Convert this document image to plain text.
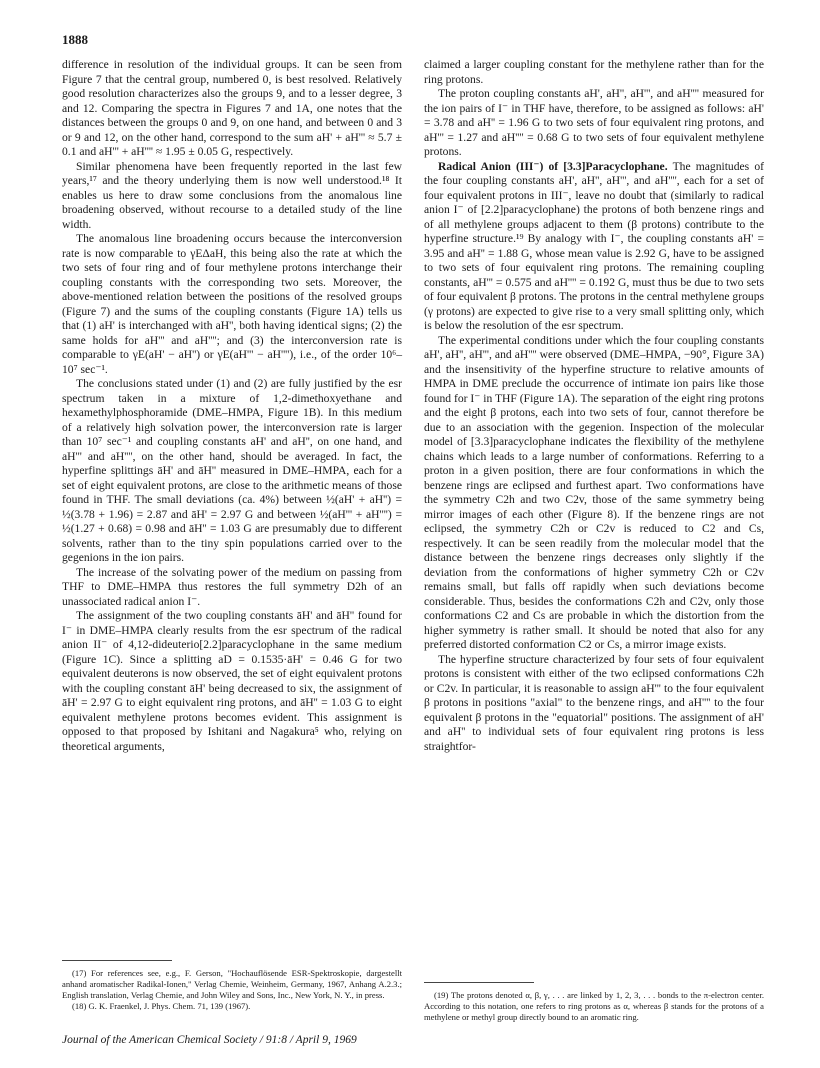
1888

difference in resolution of the individual groups. It can be seen from Figure 7 that the central group, numbered 0, is best resolved. Relatively good resolution characterizes also the groups 9, and to a lesser degree, 3 and 12. Comparing the spectra in Figures 7 and 1A, one notes that the distances between the groups 0 and 9, on one hand, and between 0 and 3 or 9 and 12, on the other hand, correspond to the sum aH' + aH''' ≈ 5.7 ± 0.1 and aH''' + aH'''' ≈ 1.95 ± 0.05 G, respectively.

Similar phenomena have been frequently reported in the last few years,¹⁷ and the theory underlying them is now well understood.¹⁸ It enables us here to draw some conclusions from the anomalous line broadening observed, without recourse to a detailed study of the line width.

The anomalous line broadening occurs because the interconversion rate is now comparable to γEΔaH, this being also the rate at which the two sets of four ring and of four methylene protons interchange their coupling constants with the corresponding two sets. Moreover, the above-mentioned relation between the positions of the resolved groups (Figure 7) and the sums of the coupling constants (Figure 1A) tells us that (1) aH' is interchanged with aH'', both having identical signs; (2) the same holds for aH''' and aH''''; and (3) the interconversion rate is comparable to γE(aH' − aH'') or γE(aH''' − aH''''), i.e., of the order 10⁶–10⁷ sec⁻¹.

The conclusions stated under (1) and (2) are fully justified by the esr spectrum taken in a mixture of 1,2-dimethoxyethane and hexamethylphosphoramide (DME–HMPA, Figure 1B). In this medium of a relatively high solvation power, the interconversion rate is larger than 10⁷ sec⁻¹ and coupling constants aH' and aH'', on one hand, and aH''' and aH'''', on the other hand, should be averaged. In fact, the hyperfine splittings āH' and āH'' measured in DME–HMPA, each for a set of eight equivalent protons, are close to the arithmetic means of those found in THF. The small deviations (ca. 4%) between ½(aH' + aH'') = ½(3.78 + 1.96) = 2.87 and āH' = 2.97 G and between ½(aH''' + aH'''') = ½(1.27 + 0.68) = 0.98 and āH'' = 1.03 G are presumably due to different solvents, rather than to the tiny spin populations carried over to the gegenions in the ion pairs.

The increase of the solvating power of the medium on passing from THF to DME–HMPA thus restores the full symmetry D2h of an unassociated radical anion I⁻.

The assignment of the two coupling constants āH' and āH'' found for I⁻ in DME–HMPA clearly results from the esr spectrum of the radical anion II⁻ of 4,12-dideuterio[2.2]paracyclophane in the same medium (Figure 1C). Since a splitting aD = 0.1535·āH' = 0.46 G for two equivalent deuterons is now observed, the set of eight equivalent protons with the coupling constant āH' being decreased to six, the assignment of āH' = 2.97 G to eight equivalent ring protons, and āH'' = 1.03 G to eight equivalent methylene protons becomes evident. This assignment is opposed to that proposed by Ishitani and Nagakura⁵ who, relying on theoretical arguments,

claimed a larger coupling constant for the methylene rather than for the ring protons.

The proton coupling constants aH', aH'', aH''', and aH'''' measured for the ion pairs of I⁻ in THF have, therefore, to be assigned as follows: aH' = 3.78 and aH'' = 1.96 G to two sets of four equivalent ring protons, and aH''' = 1.27 and aH'''' = 0.68 G to two sets of four equivalent methylene protons.

Radical Anion (III⁻) of [3.3]Paracyclophane. The magnitudes of the four coupling constants aH', aH'', aH''', and aH'''', each for a set of four equivalent protons in III⁻, leave no doubt that (similarly to radical anion I⁻ of [2.2]paracyclophane) the protons of both benzene rings and of all methylene groups adjacent to them (β protons) contribute to the hyperfine structure.¹⁹ By analogy with I⁻, the coupling constants aH' = 3.95 and aH'' = 1.88 G, whose mean value is 2.92 G, have to be assigned to two sets of four equivalent ring protons. The remaining coupling constants, aH''' = 0.575 and aH'''' = 0.192 G, must thus be due to two sets of four equivalent β protons. The protons in the central methylene groups (γ protons) are expected to give rise to a very small splitting only, which is below the resolution of the esr spectrum.

The experimental conditions under which the four coupling constants aH', aH'', aH''', and aH'''' were observed (DME–HMPA, −90°, Figure 3A) and the insensitivity of the hyperfine structure to relative amounts of HMPA in DME preclude the occurrence of intimate ion pairs like those found for I⁻ in THF (Figure 1A). The separation of the eight ring protons and the eight β protons, each into two sets of four, cannot therefore be due to an association with the gegenion. Inspection of the molecular model of [3.3]paracyclophane indicates the flexibility of the methylene chains which leads to a large number of conformations. Referring to a proton in a given position, there are four conformations in which the benzene rings are eclipsed and furthest apart. Two conformations have the symmetry C2h and two C2v, those of the same symmetry being mirror images of each other (Figure 8). If the benzene rings are not eclipsed, the symmetry C2h or C2v is reduced to C2 and Cs, respectively. It can be seen readily from the molecular model that the distance between the benzene rings decreases only slightly if the deviation from the conformations of higher symmetry C2h or C2v remains small, but falls off rapidly when such deviations become considerable. Thus, besides the conformations C2h and C2v, only those conformations C2 and Cs are probable in which the distortion from the higher symmetry is rather small. It should be noted that also for any preferred distorted conformation C2 or Cs, a mirror image exists.

The hyperfine structure characterized by four sets of four equivalent protons is consistent with either of the two eclipsed conformations C2h or C2v. In particular, it is reasonable to assign aH''' to the four equivalent β protons in positions "axial" to the benzene rings, and aH'''' to the four equivalent β protons in the "equatorial" positions. The assignment of aH' and aH'' to individual sets of four equivalent ring protons is less straightfor-

(17) For references see, e.g., F. Gerson, "Hochauflösende ESR-Spektroskopie, dargestellt anhand aromatischer Radikal-Ionen," Verlag Chemie, Weinheim, Germany, 1967, Anhang A.2.3.; English translation, Verlag Chemie, and John Wiley and Sons, Inc., New York, N. Y., in press.

(18) G. K. Fraenkel, J. Phys. Chem. 71, 139 (1967).

(19) The protons denoted α, β, γ, . . . are linked by 1, 2, 3, . . . bonds to the π-electron center. According to this notation, one refers to ring protons as α, whereas β stands for the protons of a methylene or methyl group directly bound to an aromatic ring.

Journal of the American Chemical Society / 91:8 / April 9, 1969
